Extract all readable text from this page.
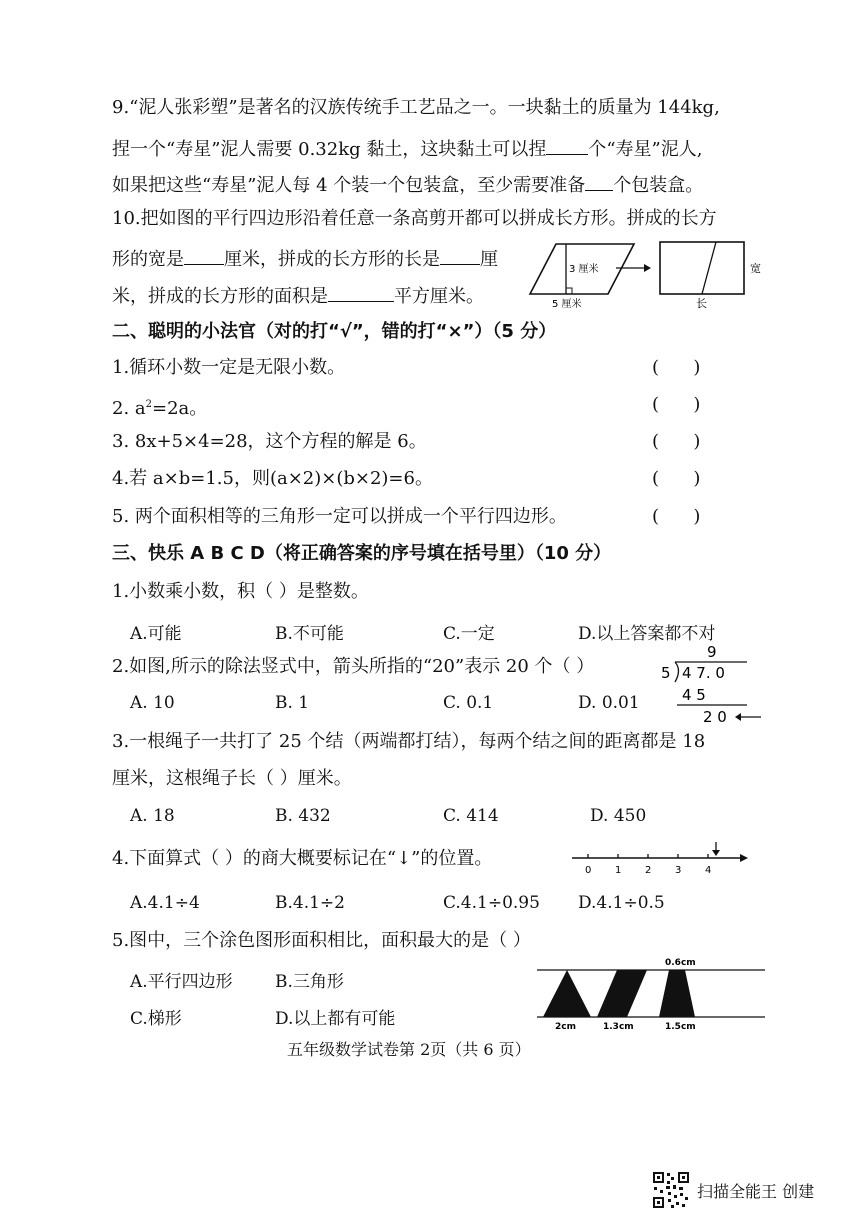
9.“泥人张彩塑”是著名的汉族传统手工艺品之一。一块黏土的质量为 144kg,
捏一个“寿星”泥人需要 0.32kg 黏土，这块黏土可以捏 个“寿星”泥人,
如果把这些“寿星”泥人每 4 个装一个包装盒，至少需要准备 个包装盒。
10.把如图的平行四边形沿着任意一条高剪开都可以拼成长方形。拼成的长方
形的宽是 厘米，拼成的长方形的长是 厘
米，拼成的长方形的面积是	平方厘米。
3 厘米
5 厘米
宽
长
二、聪明的小法官（对的打“√”，错的打“×”）（5 分）
1.循环小数一定是无限小数。	(      )
2. $a^2=2a$。	(      )
3. 8x+5×4=28，这个方程的解是 6。	(      )
4.若 a×b=1.5，则(a×2)×(b×2)=6。	(      )
5. 两个面积相等的三角形一定可以拼成一个平行四边形。	(      )
三、快乐 A B C D（将正确答案的序号填在括号里）（10 分）
1.小数乘小数，积（ ）是整数。
A.可能	B.不可能	C.一定	D.以上答案都不对
2.如图,所示的除法竖式中，箭头所指的“20”表示 20 个（ ）
A. 10	B. 1	C. 0.1	D. 0.01
9
5 4 7. 0
4 5
2 0
3.一根绳子一共打了 25 个结（两端都打结），每两个结之间的距离都是 18
厘米，这根绳子长（ ）厘米。
A. 18	B. 432	C. 414	D. 450
4.下面算式（ ）的商大概要标记在“↓”的位置。
0 1 2 3 4
A.4.1÷4	B.4.1÷2	C.4.1÷0.95 D.4.1÷0.5
5.图中，三个涂色图形面积相比，面积最大的是（ ）
A.平行四边形 B.三角形
C.梯形	D.以上都有可能
0.6cm
2cm	1.3cm	1.5cm
五年级数学试卷第 2页（共 6 页）
扫描全能王 创建
